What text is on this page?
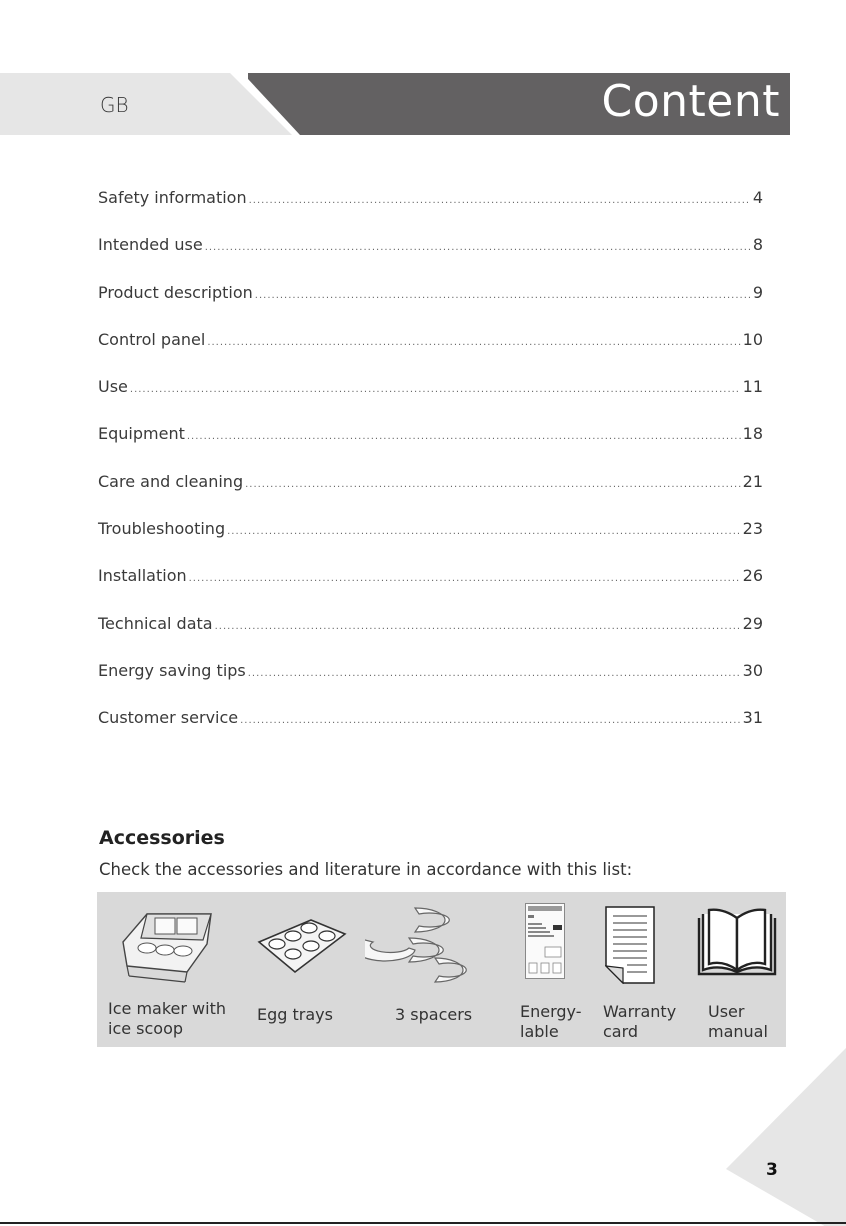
GB	Content
Safety information .....	4
Intended use .....	8
Product description .....	9
Control panel .....	10
Use .....	11
Equipment .....	18
Care and cleaning .....	21
Troubleshooting .....	23
Installation .....	26
Technical data .....	29
Energy saving tips .....	30
Customer service .....	31
Accessories
Check the accessories and literature in accordance with this list:
Ice maker with
ice scoop
Egg trays	3 spacers	Energy-
lable
Warranty
card
User
manual
3
